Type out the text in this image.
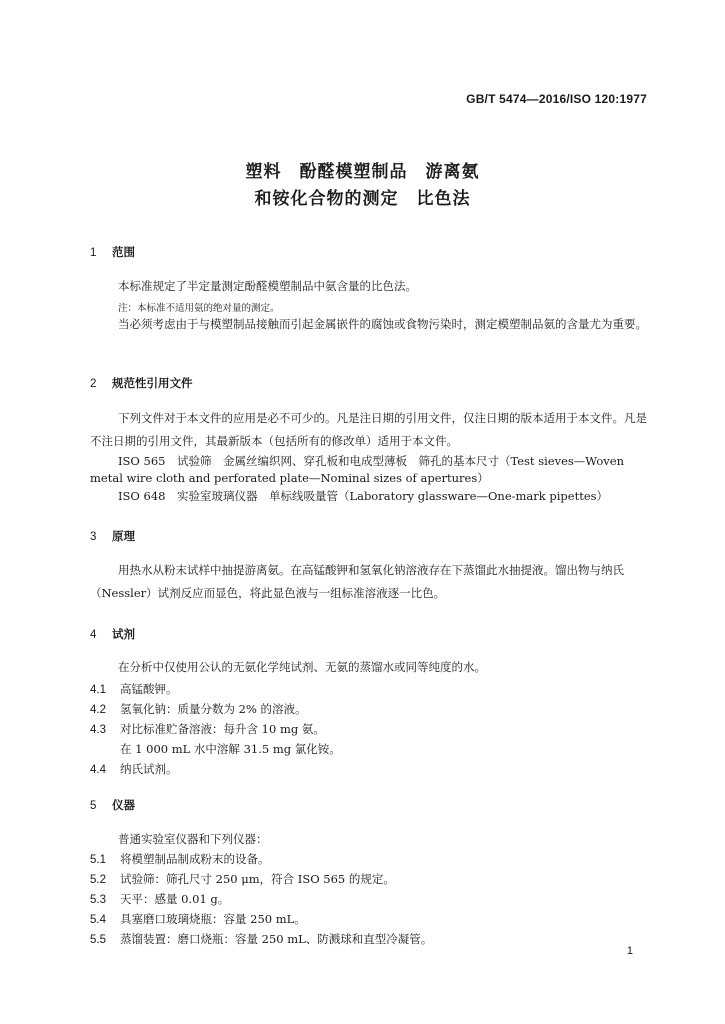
GB/T 5474—2016/ISO 120:1977
塑料　酚醛模塑制品　游离氨
和铵化合物的测定　比色法
1 范围
本标准规定了半定量测定酚醛模塑制品中氨含量的比色法。
注：本标准不适用氨的绝对量的测定。
当必须考虑由于与模塑制品接触而引起金属嵌件的腐蚀或食物污染时，测定模塑制品氨的含量尤为重要。
2 规范性引用文件
下列文件对于本文件的应用是必不可少的。凡是注日期的引用文件，仅注日期的版本适用于本文件。凡是不注日期的引用文件，其最新版本（包括所有的修改单）适用于本文件。
ISO 565　试验筛　金属丝编织网、穿孔板和电成型薄板　筛孔的基本尺寸（Test sieves—Woven
metal wire cloth and perforated plate—Nominal sizes of apertures）
ISO 648　实验室玻璃仪器　单标线吸量管（Laboratory glassware—One-mark pipettes）
3 原理
用热水从粉末试样中抽提游离氨。在高锰酸钾和氢氧化钠溶液存在下蒸馏此水抽提液。馏出物与纳氏（Nessler）试剂反应而显色，将此显色液与一组标准溶液逐一比色。
4 试剂
在分析中仅使用公认的无氨化学纯试剂、无氨的蒸馏水或同等纯度的水。
4.1 高锰酸钾。
4.2 氢氧化钠：质量分数为 2% 的溶液。
4.3 对比标准贮备溶液：每升含 10 mg 氨。
在 1 000 mL 水中溶解 31.5 mg 氯化铵。
4.4 纳氏试剂。
5 仪器
普通实验室仪器和下列仪器：
5.1 将模塑制品制成粉末的设备。
5.2 试验筛：筛孔尺寸 250 μm，符合 ISO 565 的规定。
5.3 天平：感量 0.01 g。
5.4 具塞磨口玻璃烧瓶：容量 250 mL。
5.5 蒸馏装置：磨口烧瓶：容量 250 mL、防溅球和直型冷凝管。
1
